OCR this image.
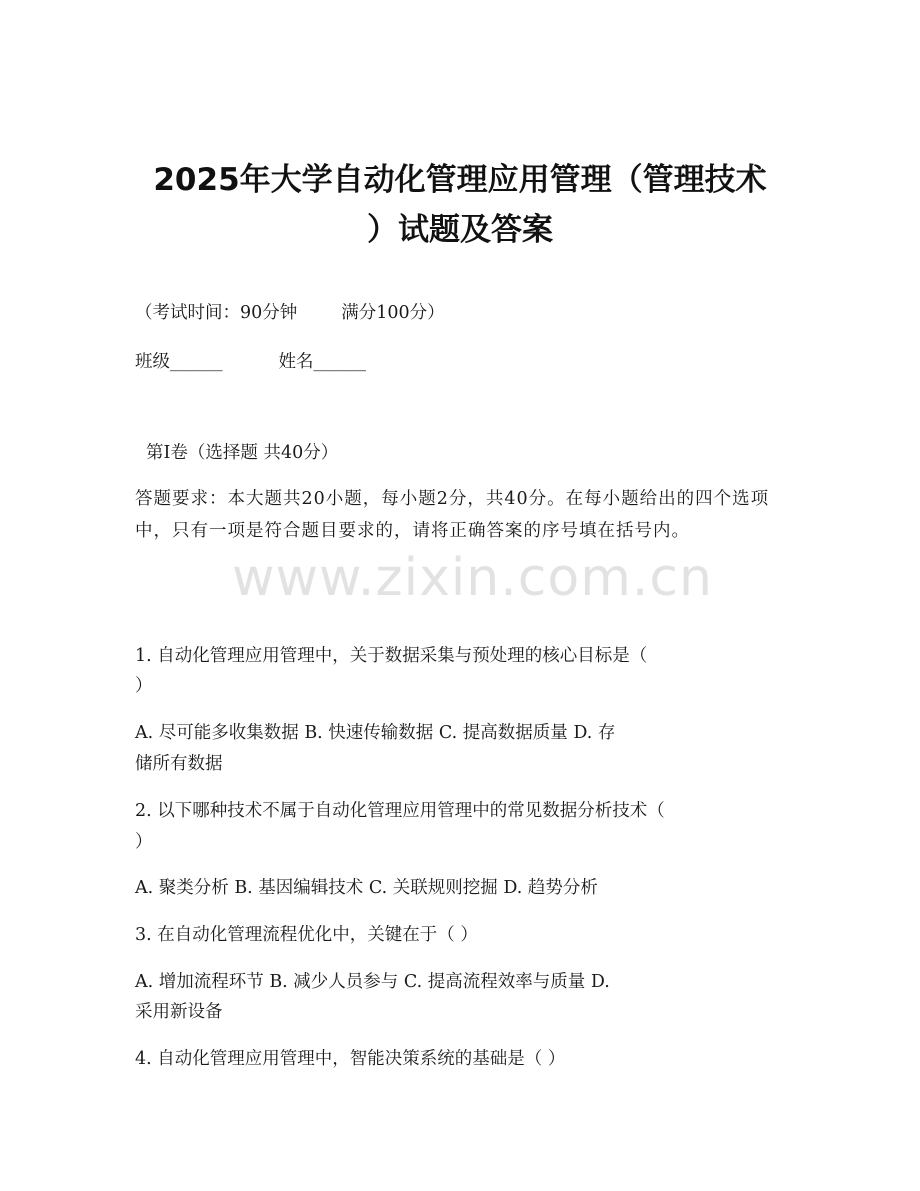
2025年大学自动化管理应用管理（管理技术
）试题及答案

（考试时间：90分钟	满分100分）

班级______	姓名______

第Ⅰ卷（选择题 共40分）

答题要求：本大题共20小题，每小题2分，共40分。在每小题给出的四个选项中，只有一项是符合题目要求的，请将正确答案的序号填在括号内。

www.zixin.com.cn

1. 自动化管理应用管理中，关于数据采集与预处理的核心目标是（

）

A. 尽可能多收集数据 B. 快速传输数据 C. 提高数据质量 D. 存

储所有数据

2. 以下哪种技术不属于自动化管理应用管理中的常见数据分析技术（

）

A. 聚类分析 B. 基因编辑技术 C. 关联规则挖掘 D. 趋势分析

3. 在自动化管理流程优化中，关键在于（ ）

A. 增加流程环节 B. 减少人员参与 C. 提高流程效率与质量 D.

采用新设备

4. 自动化管理应用管理中，智能决策系统的基础是（ ）
